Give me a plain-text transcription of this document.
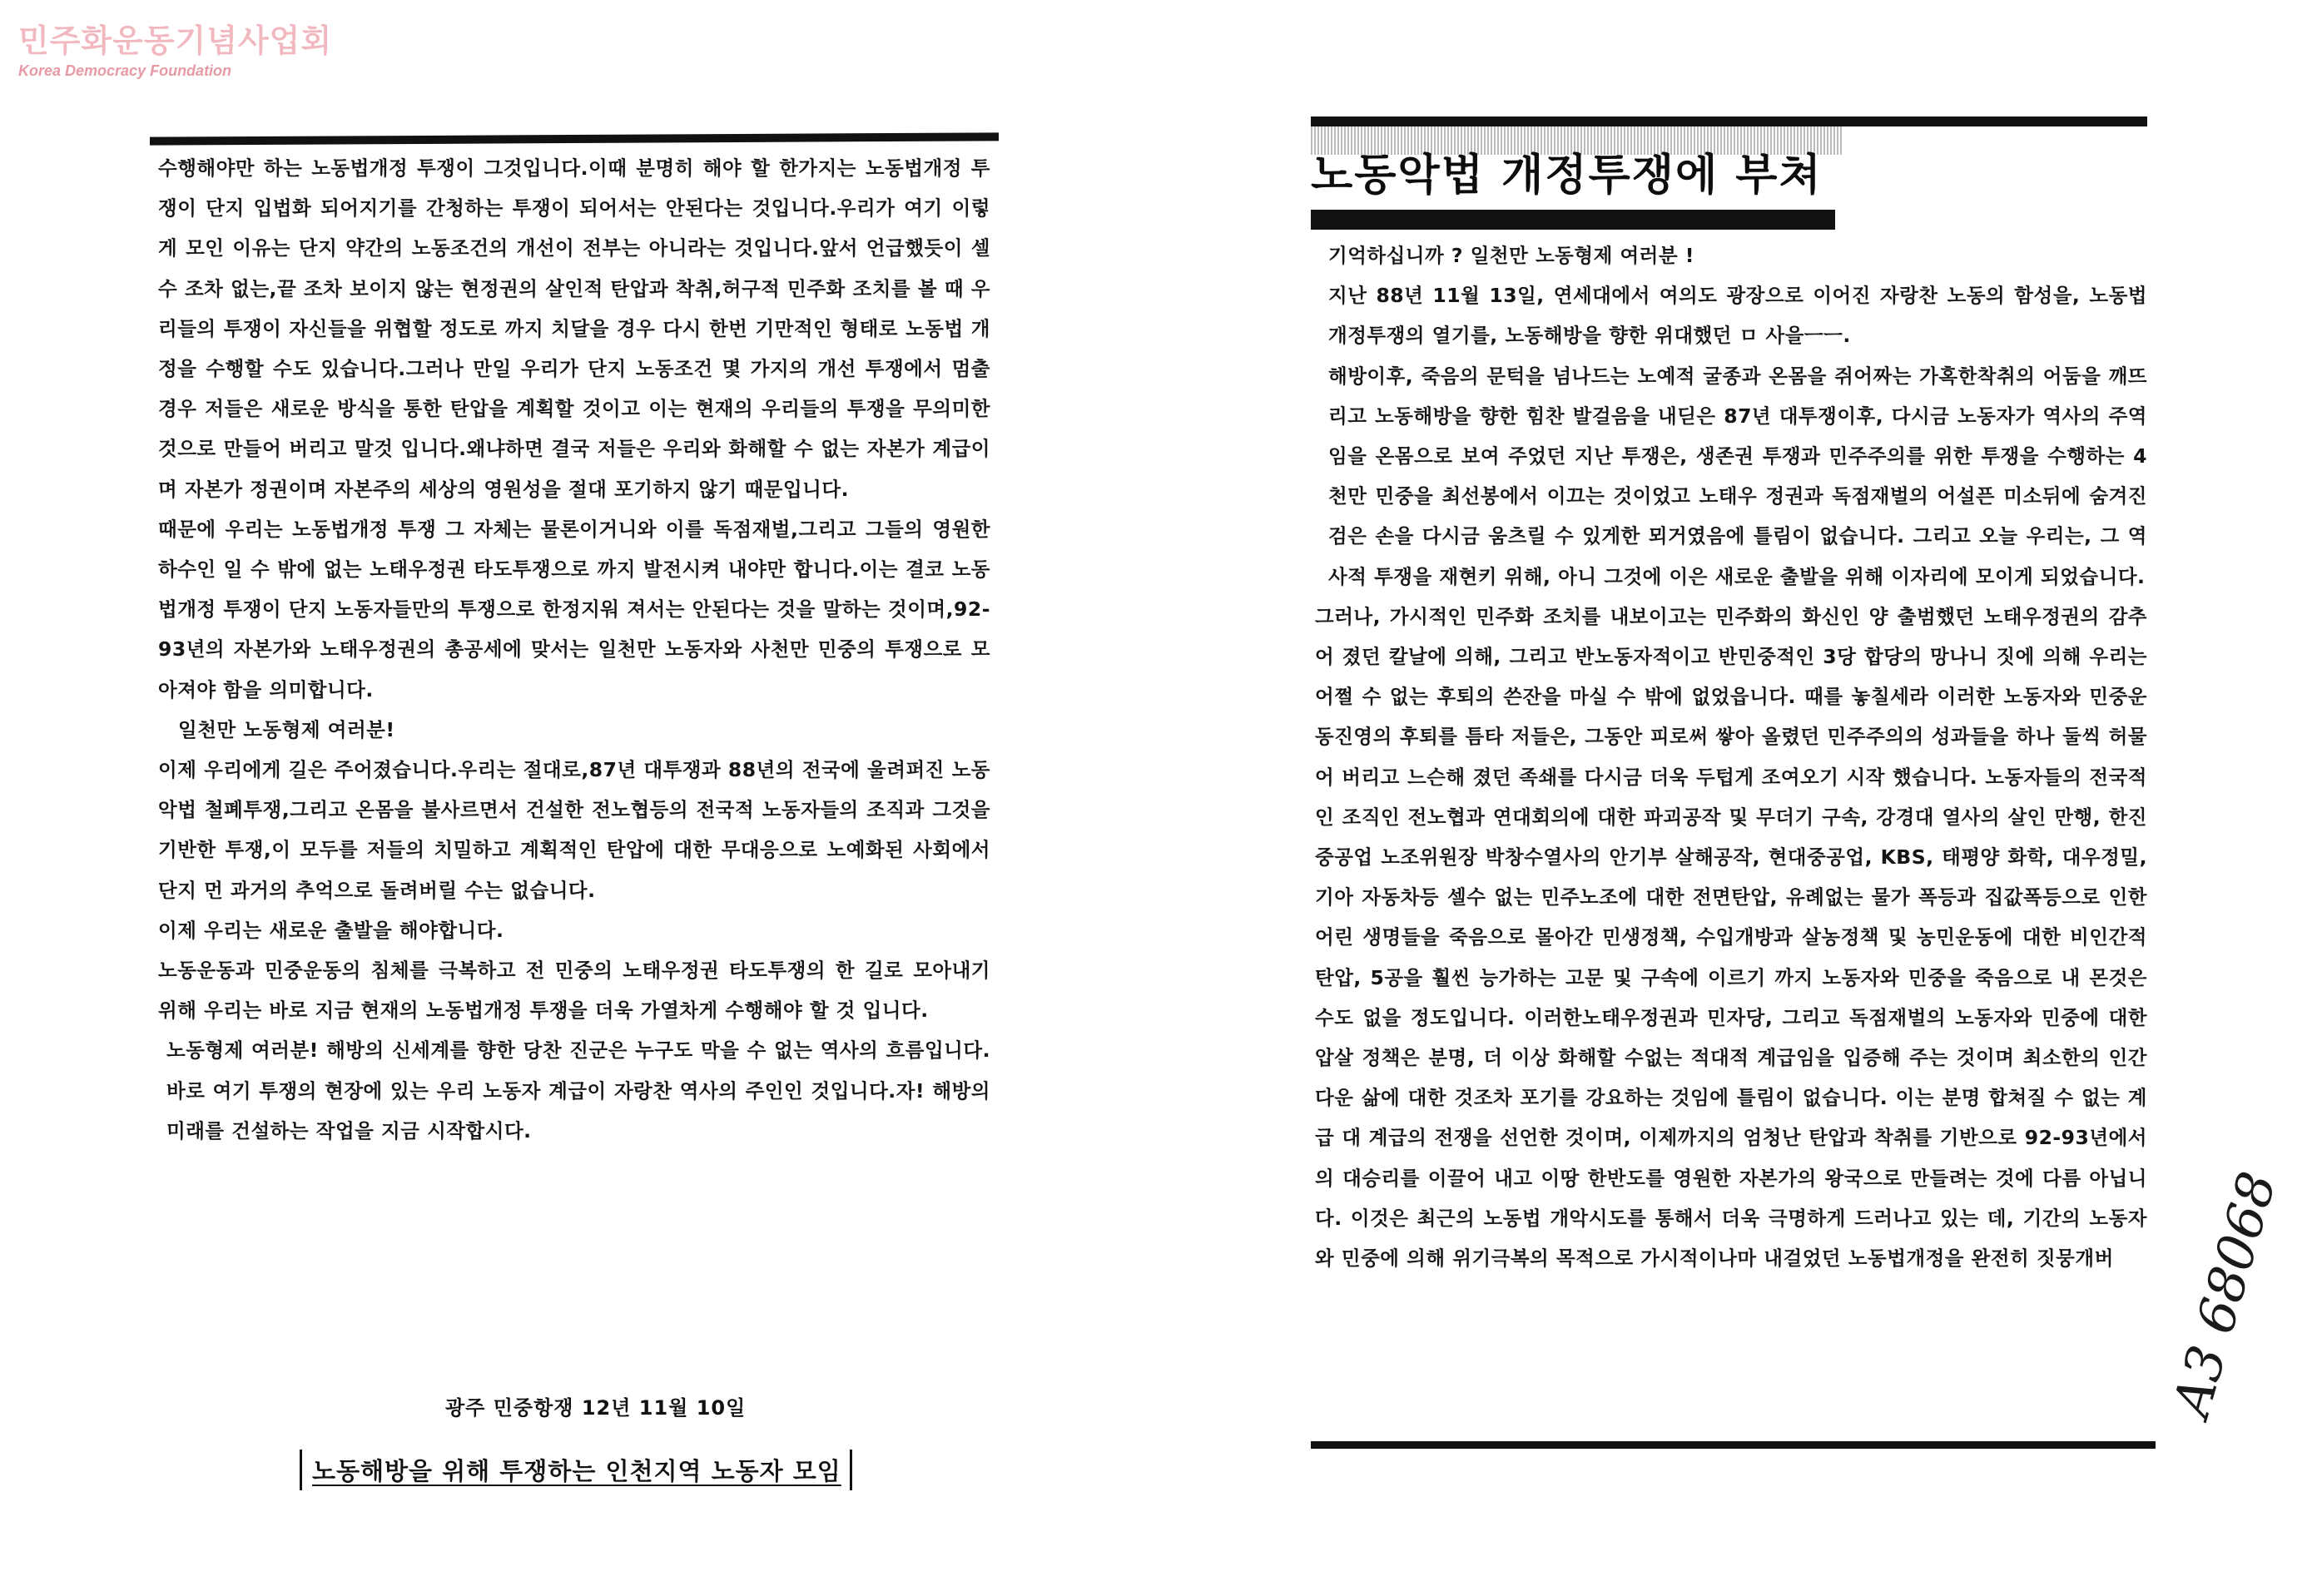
민주화운동기념사업회
Korea Democracy Foundation

수행해야만 하는 노동법개정 투쟁이 그것입니다.이때 분명히 해야 할 한가지는 노동법개정 투쟁이 단지 입법화 되어지기를 간청하는 투쟁이 되어서는 안된다는 것입니다.우리가 여기 이렇게 모인 이유는 단지 약간의 노동조건의 개선이 전부는 아니라는 것입니다.앞서 언급했듯이 셀 수 조차 없는,끝 조차 보이지 않는 현정권의 살인적 탄압과 착취,허구적 민주화 조치를 볼 때 우리들의 투쟁이 자신들을 위협할 정도로 까지 치달을 경우 다시 한번 기만적인 형태로 노동법 개정을 수행할 수도 있습니다.그러나 만일 우리가 단지 노동조건 몇 가지의 개선 투쟁에서 멈출 경우 저들은 새로운 방식을 통한 탄압을 계획할 것이고 이는 현재의 우리들의 투쟁을 무의미한 것으로 만들어 버리고 말것 입니다.왜냐하면 결국 저들은 우리와 화해할 수 없는 자본가 계급이며 자본가 정권이며 자본주의 세상의 영원성을 절대 포기하지 않기 때문입니다.

때문에 우리는 노동법개정 투쟁 그 자체는 물론이거니와 이를 독점재벌,그리고 그들의 영원한 하수인 일 수 밖에 없는 노태우정권 타도투쟁으로 까지 발전시켜 내야만 합니다.이는 결코 노동법개정 투쟁이 단지 노동자들만의 투쟁으로 한정지워 져서는 안된다는 것을 말하는 것이며,92-93년의 자본가와 노태우정권의 총공세에 맞서는 일천만 노동자와 사천만 민중의 투쟁으로 모아져야 함을 의미합니다.

일천만 노동형제 여러분!

이제 우리에게 길은 주어졌습니다.우리는 절대로,87년 대투쟁과 88년의 전국에 울려퍼진 노동악법 철폐투쟁,그리고 온몸을 불사르면서 건설한 전노협등의 전국적 노동자들의 조직과 그것을 기반한 투쟁,이 모두를 저들의 치밀하고 계획적인 탄압에 대한 무대응으로 노예화된 사회에서 단지 먼 과거의 추억으로 돌려버릴 수는 없습니다.

이제 우리는 새로운 출발을 해야합니다.

노동운동과 민중운동의 침체를 극복하고 전 민중의 노태우정권 타도투쟁의 한 길로 모아내기 위해 우리는 바로 지금 현재의 노동법개정 투쟁을 더욱 가열차게 수행해야 할 것 입니다.

노동형제 여러분! 해방의 신세계를 향한 당찬 진군은 누구도 막을 수 없는 역사의 흐름입니다.바로 여기 투쟁의 현장에 있는 우리 노동자 계급이 자랑찬 역사의 주인인 것입니다.자! 해방의 미래를 건설하는 작업을 지금 시작합시다.

광주 민중항쟁 12년 11월 10일
노동해방을 위해 투쟁하는 인천지역 노동자 모임
노동악법 개정투쟁에 부쳐

기억하십니까 ? 일천만 노동형제 여러분 !

지난 88년 11월 13일, 연세대에서 여의도 광장으로 이어진 자랑찬 노동의 함성을, 노동법 개정투쟁의 열기를, 노동해방을 향한 위대했던 ㅁ 사을ㅡㅡ.

해방이후, 죽음의 문턱을 넘나드는 노예적 굴종과 온몸을 쥐어짜는 가혹한착취의 어둠을 깨뜨리고 노동해방을 향한 힘찬 발걸음을 내딛은 87년 대투쟁이후, 다시금 노동자가 역사의 주역임을 온몸으로 보여 주었던 지난 투쟁은, 생존권 투쟁과 민주주의를 위한 투쟁을 수행하는 4천만 민중을 최선봉에서 이끄는 것이었고 노태우 정권과 독점재벌의 어설픈 미소뒤에 숨겨진 검은 손을 다시금 움츠릴 수 있게한 뫼거였음에 틀림이 없습니다. 그리고 오늘 우리는, 그 역사적 투쟁을 재현키 위해, 아니 그것에 이은 새로운 출발을 위해 이자리에 모이게 되었습니다.

그러나, 가시적인 민주화 조치를 내보이고는 민주화의 화신인 양 출범했던 노태우정권의 감추어 졌던 칼날에 의해, 그리고 반노동자적이고 반민중적인 3당 합당의 망나니 짓에 의해 우리는 어쩔 수 없는 후퇴의 쓴잔을 마실 수 밖에 없었읍니다. 때를 놓칠세라 이러한 노동자와 민중운동진영의 후퇴를 틈타 저들은, 그동안 피로써 쌓아 올렸던 민주주의의 성과들을 하나 둘씩 허물어 버리고 느슨해 졌던 족쇄를 다시금 더욱 두텁게 조여오기 시작 했습니다. 노동자들의 전국적인 조직인 전노협과 연대회의에 대한 파괴공작 및 무더기 구속, 강경대 열사의 살인 만행, 한진중공업 노조위원장 박창수열사의 안기부 살해공작, 현대중공업, KBS, 태평양 화학, 대우정밀, 기아 자동차등 셀수 없는 민주노조에 대한 전면탄압, 유례없는 물가 폭등과 집값폭등으로 인한 어린 생명들을 죽음으로 몰아간 민생정책, 수입개방과 살농정책 및 농민운동에 대한 비인간적 탄압, 5공을 훨씬 능가하는 고문 및 구속에 이르기 까지 노동자와 민중을 죽음으로 내 몬것은 수도 없을 정도입니다. 이러한노태우정권과 민자당, 그리고 독점재벌의 노동자와 민중에 대한 압살 정책은 분명, 더 이상 화해할 수없는 적대적 계급임을 입증해 주는 것이며 최소한의 인간다운 삶에 대한 것조차 포기를 강요하는 것임에 틀림이 없습니다. 이는 분명 합쳐질 수 없는 계급 대 계급의 전쟁을 선언한 것이며, 이제까지의 엄청난 탄압과 착취를 기반으로 92-93년에서의 대승리를 이끌어 내고 이땅 한반도를 영원한 자본가의 왕국으로 만들려는 것에 다름 아닙니다. 이것은 최근의 노동법 개악시도를 통해서 더욱 극명하게 드러나고 있는 데, 기간의 노동자와 민중에 의해 위기극복의 목적으로 가시적이나마 내걸었던 노동법개정을 완전히 짓뭉개버 A3 68068
